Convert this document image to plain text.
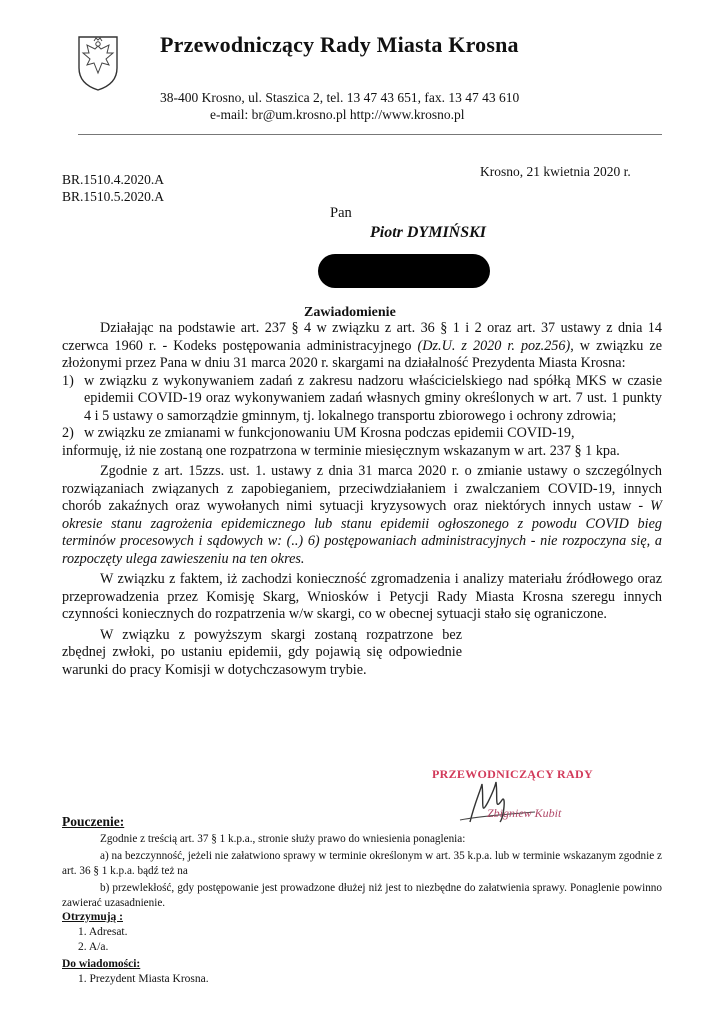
Przewodniczący Rady Miasta Krosna
38-400 Krosno, ul. Staszica 2, tel. 13 47 43 651, fax. 13 47 43 610
e-mail: br@um.krosno.pl http://www.krosno.pl
Krosno, 21 kwietnia 2020 r.
BR.1510.4.2020.A
BR.1510.5.2020.A
Pan
Piotr DYMIŃSKI
Zawiadomienie

Działając na podstawie art. 237 § 4 w związku z art. 36 § 1 i 2 oraz art. 37 ustawy z dnia 14 czerwca 1960 r. - Kodeks postępowania administracyjnego (Dz.U. z 2020 r. poz.256), w związku ze złożonymi przez Pana w dniu 31 marca 2020 r. skargami na działalność Prezydenta Miasta Krosna:

1) w związku z wykonywaniem zadań z zakresu nadzoru właścicielskiego nad spółką MKS w czasie epidemii COVID-19 oraz wykonywaniem zadań własnych gminy określonych w art. 7 ust. 1 punkty 4 i 5 ustawy o samorządzie gminnym, tj. lokalnego transportu zbiorowego i ochrony zdrowia;
2) w związku ze zmianami w funkcjonowaniu UM Krosna podczas epidemii COVID-19,

informuję, iż nie zostaną one rozpatrzona w terminie miesięcznym wskazanym w art. 237 § 1 kpa.

Zgodnie z art. 15zzs. ust. 1. ustawy z dnia 31 marca 2020 r. o zmianie ustawy o szczególnych rozwiązaniach związanych z zapobieganiem, przeciwdziałaniem i zwalczaniem COVID-19, innych chorób zakaźnych oraz wywołanych nimi sytuacji kryzysowych oraz niektórych innych ustaw - W okresie stanu zagrożenia epidemicznego lub stanu epidemii ogłoszonego z powodu COVID bieg terminów procesowych i sądowych w: (..) 6) postępowaniach administracyjnych - nie rozpoczyna się, a rozpoczęty ulega zawieszeniu na ten okres.

W związku z faktem, iż zachodzi konieczność zgromadzenia i analizy materiału źródłowego oraz przeprowadzenia przez Komisję Skarg, Wniosków i Petycji Rady Miasta Krosna szeregu innych czynności koniecznych do rozpatrzenia w/w skargi, co w obecnej sytuacji stało się ograniczone.

W związku z powyższym skargi zostaną rozpatrzone bez zbędnej zwłoki, po ustaniu epidemii, gdy pojawią się odpowiednie warunki do pracy Komisji w dotychczasowym trybie.

PRZEWODNICZĄCY RADY
Zbigniew Kubit
Pouczenie:

Zgodnie z treścią art. 37 § 1 k.p.a., stronie służy prawo do wniesienia ponaglenia:

a) na bezczynność, jeżeli nie załatwiono sprawy w terminie określonym w art. 35 k.p.a. lub w terminie wskazanym zgodnie z art. 36 § 1 k.p.a. bądź też na

b) przewlekłość, gdy postępowanie jest prowadzone dłużej niż jest to niezbędne do załatwienia sprawy. Ponaglenie powinno zawierać uzasadnienie.

Otrzymują :

1. Adresat.

2. A/a.

Do wiadomości:

1. Prezydent Miasta Krosna.
